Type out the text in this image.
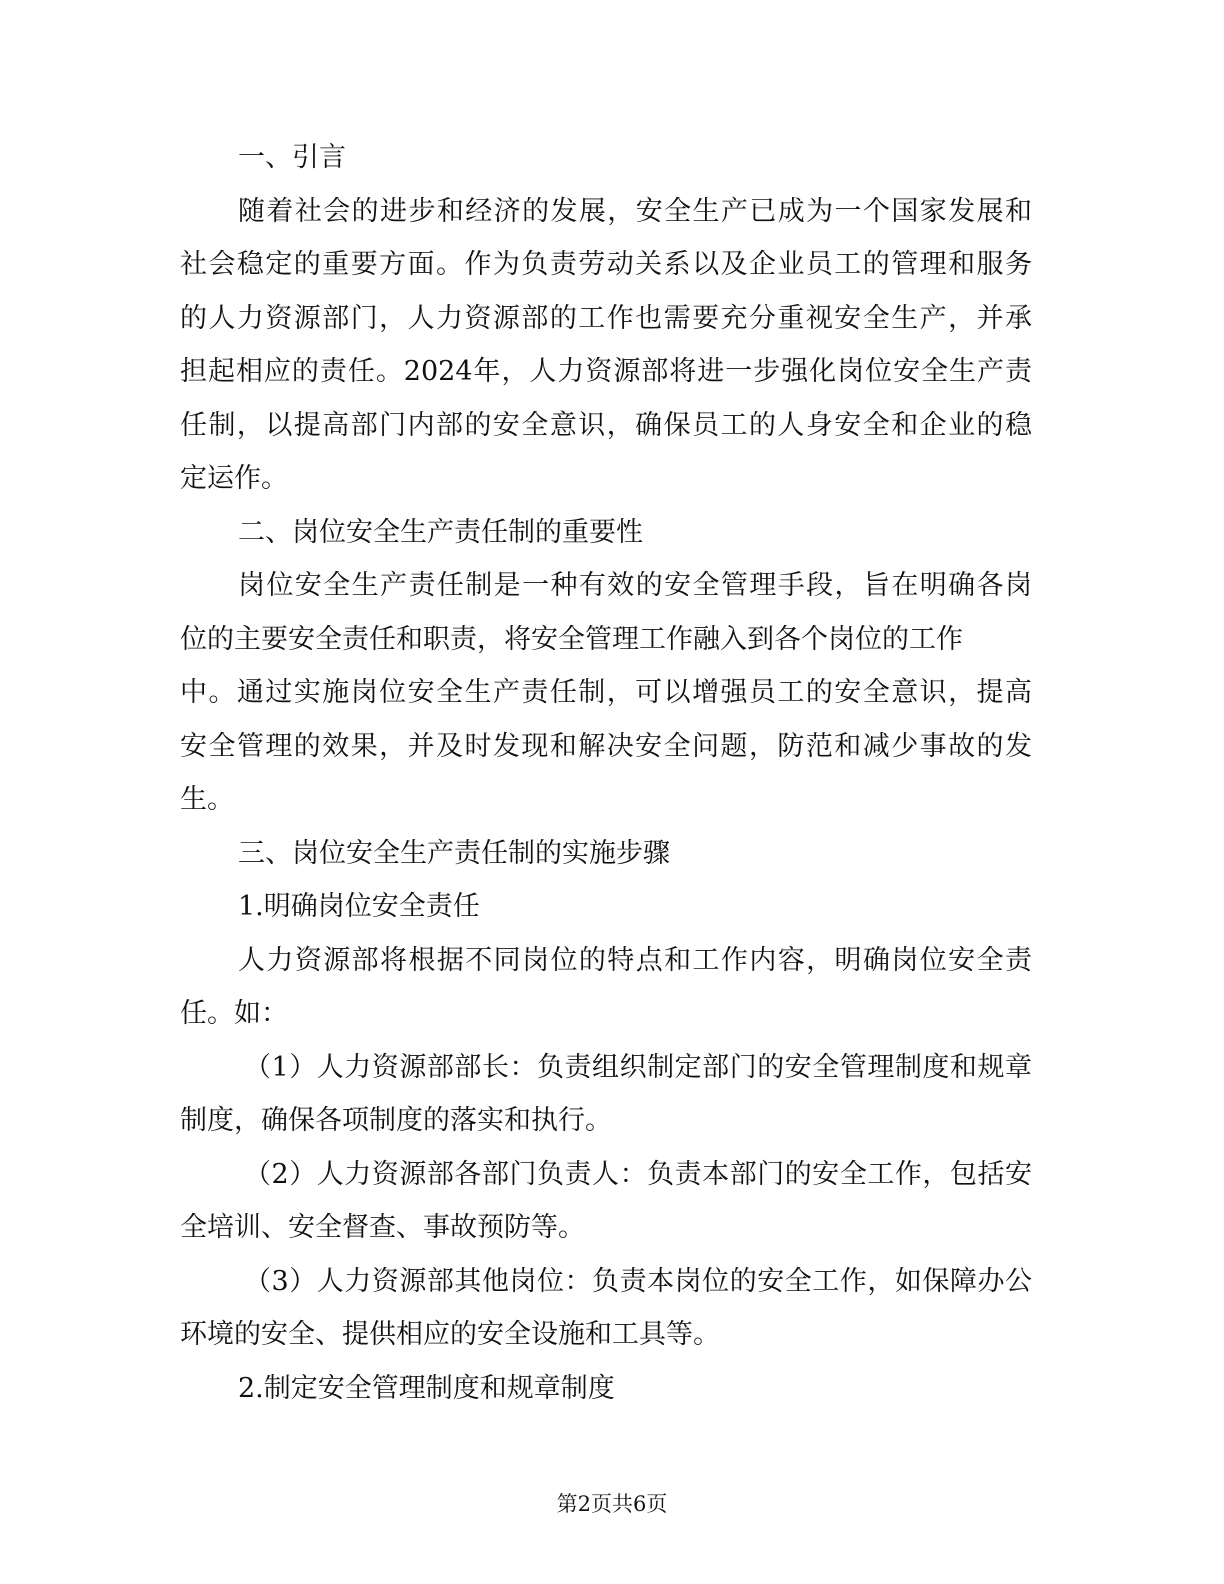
一、引言
随着社会的进步和经济的发展，安全生产已成为一个国家发展和
社会稳定的重要方面。作为负责劳动关系以及企业员工的管理和服务
的人力资源部门，人力资源部的工作也需要充分重视安全生产，并承
担起相应的责任。2024年，人力资源部将进一步强化岗位安全生产责
任制，以提高部门内部的安全意识，确保员工的人身安全和企业的稳
定运作。
二、岗位安全生产责任制的重要性
岗位安全生产责任制是一种有效的安全管理手段，旨在明确各岗
位的主要安全责任和职责，将安全管理工作融入到各个岗位的工作
中。通过实施岗位安全生产责任制，可以增强员工的安全意识，提高
安全管理的效果，并及时发现和解决安全问题，防范和减少事故的发
生。
三、岗位安全生产责任制的实施步骤
1.明确岗位安全责任
人力资源部将根据不同岗位的特点和工作内容，明确岗位安全责
任。如：
（1）人力资源部部长：负责组织制定部门的安全管理制度和规章
制度，确保各项制度的落实和执行。
（2）人力资源部各部门负责人：负责本部门的安全工作，包括安
全培训、安全督查、事故预防等。
（3）人力资源部其他岗位：负责本岗位的安全工作，如保障办公
环境的安全、提供相应的安全设施和工具等。
2.制定安全管理制度和规章制度
第2页共6页
